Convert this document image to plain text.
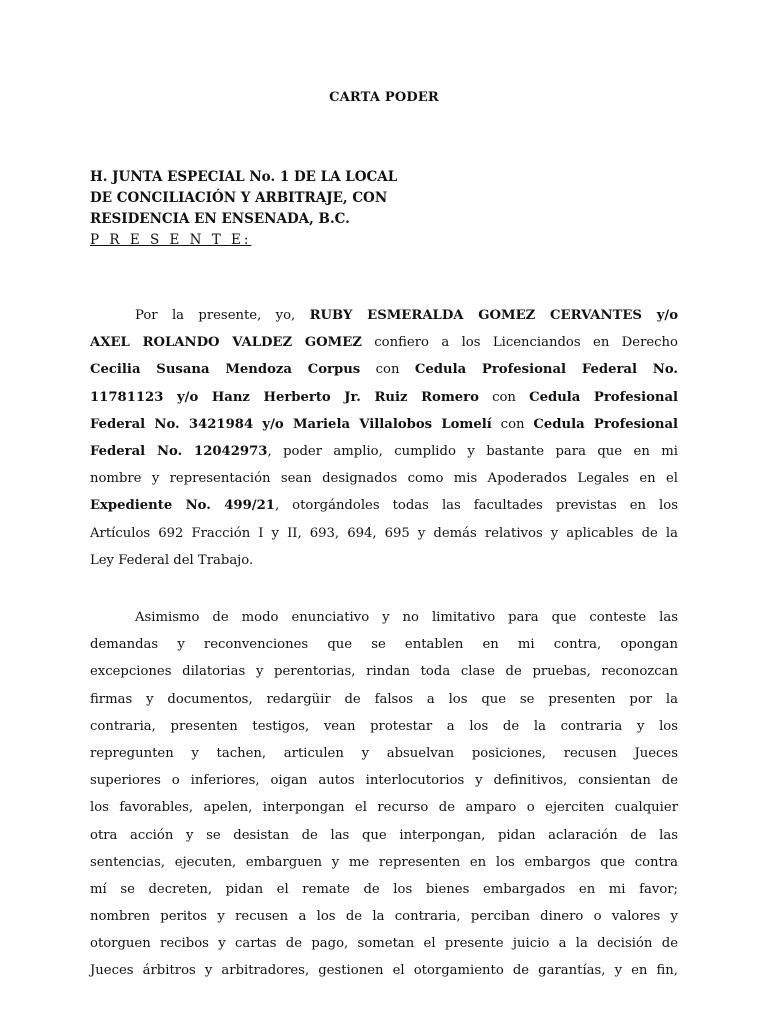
CARTA PODER
H. JUNTA ESPECIAL No. 1 DE LA LOCAL
DE CONCILIACIÓN Y ARBITRAJE, CON
RESIDENCIA EN ENSENADA, B.C.
P R E S E N T E:
Por la presente, yo, RUBY ESMERALDA GOMEZ CERVANTES y/o
AXEL ROLANDO VALDEZ GOMEZ confiero a los Licenciandos en Derecho
Cecilia Susana Mendoza Corpus con Cedula Profesional Federal No.
11781123 y/o Hanz Herberto Jr. Ruiz Romero con Cedula Profesional
Federal No. 3421984 y/o Mariela Villalobos Lomelí con Cedula Profesional
Federal No. 12042973, poder amplio, cumplido y bastante para que en mi
nombre y representación sean designados como mis Apoderados Legales en el
Expediente No. 499/21, otorgándoles todas las facultades previstas en los
Artículos 692 Fracción I y II, 693, 694, 695 y demás relativos y aplicables de la
Ley Federal del Trabajo.
Asimismo de modo enunciativo y no limitativo para que conteste las
demandas y reconvenciones que se entablen en mi contra, opongan
excepciones dilatorias y perentorias, rindan toda clase de pruebas, reconozcan
firmas y documentos, redargüir de falsos a los que se presenten por la
contraria, presenten testigos, vean protestar a los de la contraria y los
repregunten y tachen, articulen y absuelvan posiciones, recusen Jueces
superiores o inferiores, oigan autos interlocutorios y definitivos, consientan de
los favorables, apelen, interpongan el recurso de amparo o ejerciten cualquier
otra acción y se desistan de las que interpongan, pidan aclaración de las
sentencias, ejecuten, embarguen y me representen en los embargos que contra
mí se decreten, pidan el remate de los bienes embargados en mi favor;
nombren peritos y recusen a los de la contraria, perciban dinero o valores y
otorguen recibos y cartas de pago, sometan el presente juicio a la decisión de
Jueces árbitros y arbitradores, gestionen el otorgamiento de garantías, y en fin,
